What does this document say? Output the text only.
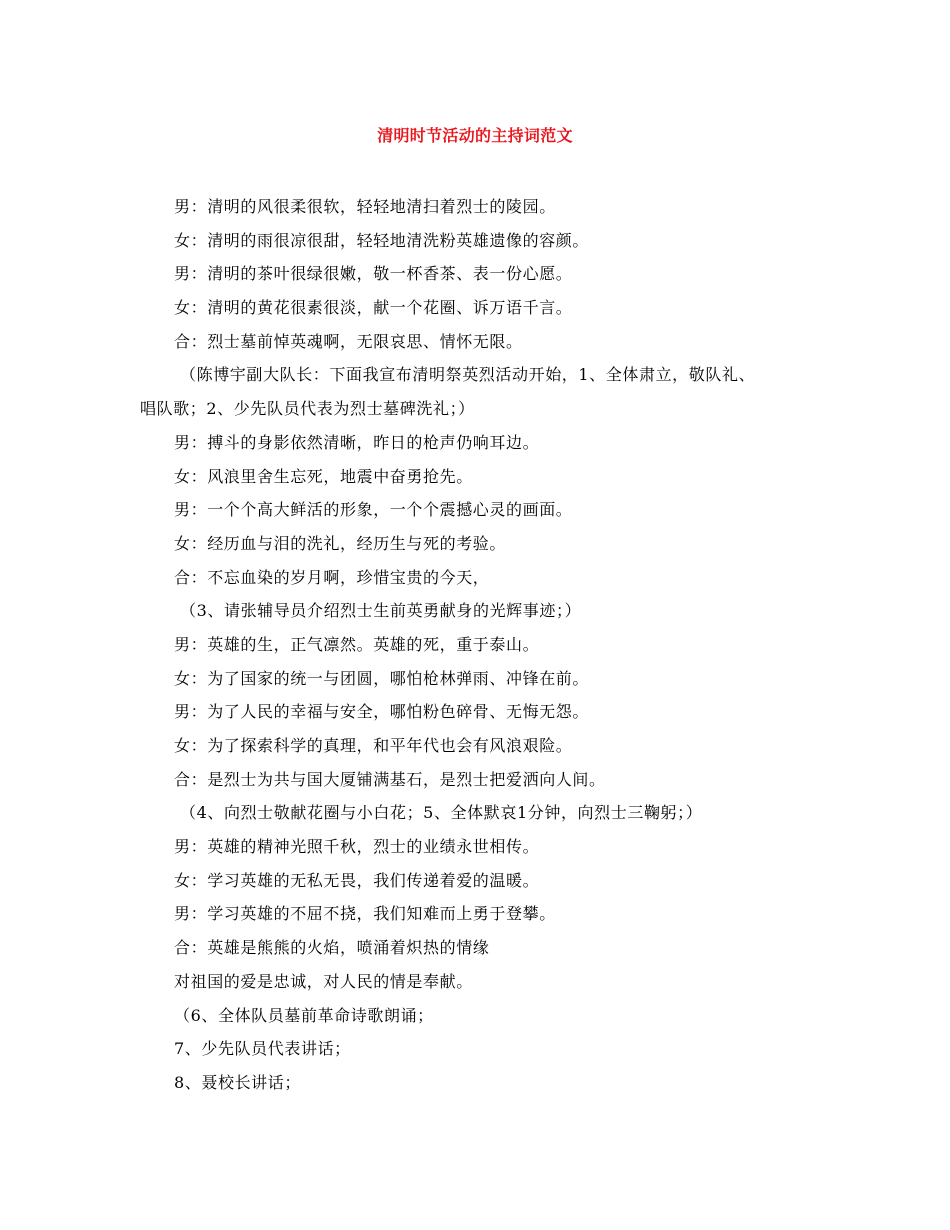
清明时节活动的主持词范文
男：清明的风很柔很软，轻轻地清扫着烈士的陵园。
女：清明的雨很凉很甜，轻轻地清洗粉英雄遗像的容颜。
男：清明的茶叶很绿很嫩，敬一杯香茶、表一份心愿。
女：清明的黄花很素很淡，献一个花圈、诉万语千言。
合：烈士墓前悼英魂啊，无限哀思、情怀无限。
（陈博宇副大队长：下面我宣布清明祭英烈活动开始，1、全体肃立，敬队礼、
唱队歌；2、少先队员代表为烈士墓碑洗礼；）
男：搏斗的身影依然清晰，昨日的枪声仍响耳边。
女：风浪里舍生忘死，地震中奋勇抢先。
男：一个个高大鲜活的形象，一个个震撼心灵的画面。
女：经历血与泪的洗礼，经历生与死的考验。
合：不忘血染的岁月啊，珍惜宝贵的今天，
（3、请张辅导员介绍烈士生前英勇献身的光辉事迹；）
男：英雄的生，正气凛然。英雄的死，重于泰山。
女：为了国家的统一与团圆，哪怕枪林弹雨、冲锋在前。
男：为了人民的幸福与安全，哪怕粉色碎骨、无悔无怨。
女：为了探索科学的真理，和平年代也会有风浪艰险。
合：是烈士为共与国大厦铺满基石，是烈士把爱洒向人间。
（4、向烈士敬献花圈与小白花；5、全体默哀1分钟，向烈士三鞠躬；）
男：英雄的精神光照千秋，烈士的业绩永世相传。
女：学习英雄的无私无畏，我们传递着爱的温暖。
男：学习英雄的不屈不挠，我们知难而上勇于登攀。
合：英雄是熊熊的火焰，喷涌着炽热的情缘
对祖国的爱是忠诚，对人民的情是奉献。
（6、全体队员墓前革命诗歌朗诵；
7、少先队员代表讲话；
8、聂校长讲话；
